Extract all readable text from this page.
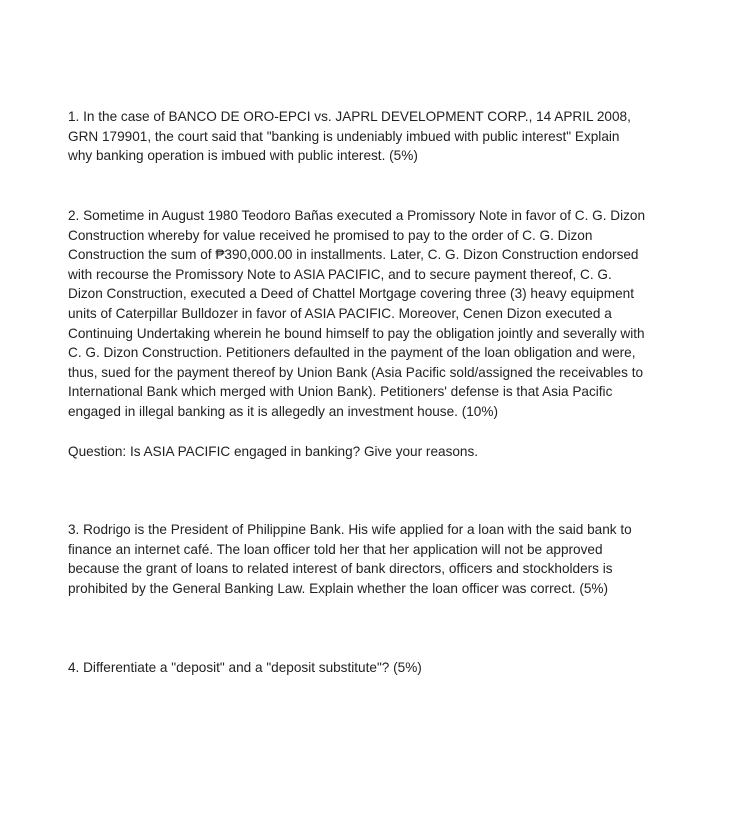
1. In the case of BANCO DE ORO-EPCI vs. JAPRL DEVELOPMENT CORP., 14 APRIL 2008,
GRN 179901, the court said that "banking is undeniably imbued with public interest" Explain
why banking operation is imbued with public interest. (5%)
2. Sometime in August 1980 Teodoro Bañas executed a Promissory Note in favor of C. G. Dizon
Construction whereby for value received he promised to pay to the order of C. G. Dizon
Construction the sum of ₱390,000.00 in installments. Later, C. G. Dizon Construction endorsed
with recourse the Promissory Note to ASIA PACIFIC, and to secure payment thereof, C. G.
Dizon Construction, executed a Deed of Chattel Mortgage covering three (3) heavy equipment
units of Caterpillar Bulldozer in favor of ASIA PACIFIC. Moreover, Cenen Dizon executed a
Continuing Undertaking wherein he bound himself to pay the obligation jointly and severally with
C. G. Dizon Construction. Petitioners defaulted in the payment of the loan obligation and were,
thus, sued for the payment thereof by Union Bank (Asia Pacific sold/assigned the receivables to
International Bank which merged with Union Bank). Petitioners' defense is that Asia Pacific
engaged in illegal banking as it is allegedly an investment house. (10%)
Question: Is ASIA PACIFIC engaged in banking? Give your reasons.
3. Rodrigo is the President of Philippine Bank. His wife applied for a loan with the said bank to
finance an internet café. The loan officer told her that her application will not be approved
because the grant of loans to related interest of bank directors, officers and stockholders is
prohibited by the General Banking Law. Explain whether the loan officer was correct. (5%)
4. Differentiate a "deposit" and a "deposit substitute"? (5%)
